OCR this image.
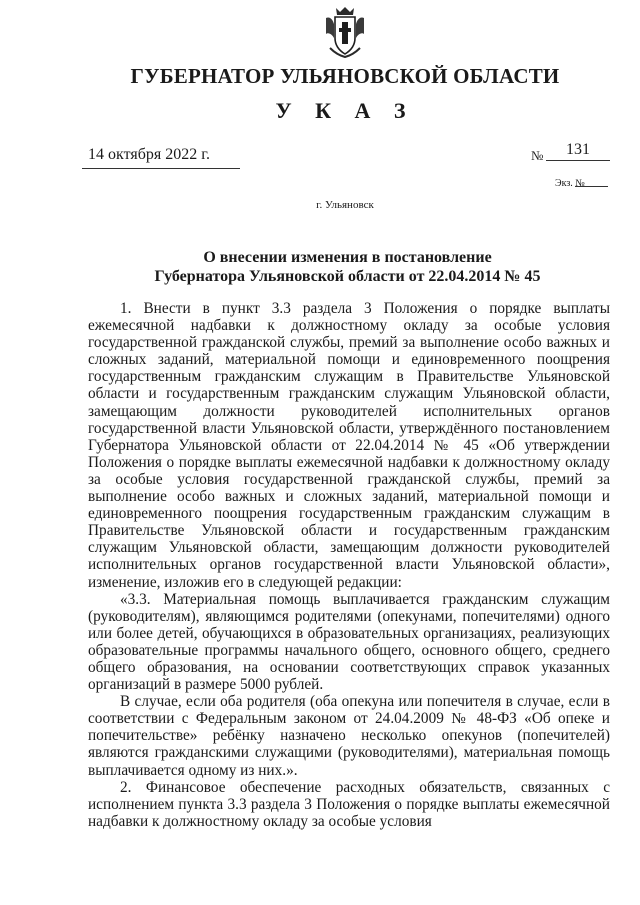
ГУБЕРНАТОР УЛЬЯНОВСКОЙ ОБЛАСТИ
У К А З
14 октября 2022 г.	№ 131
Экз. №
г. Ульяновск
О внесении изменения в постановление
Губернатора Ульяновской области от 22.04.2014 № 45

1. Внести в пункт 3.3 раздела 3 Положения о порядке выплаты ежемесячной надбавки к должностному окладу за особые условия государственной гражданской службы, премий за выполнение особо важных и сложных заданий, материальной помощи и единовременного поощрения государственным гражданским служащим в Правительстве Ульяновской области и государственным гражданским служащим Ульяновской области, замещающим должности руководителей исполнительных органов государственной власти Ульяновской области, утверждённого постановлением Губернатора Ульяновской области от 22.04.2014 № 45 «Об утверждении Положения о порядке выплаты ежемесячной надбавки к должностному окладу за особые условия государственной гражданской службы, премий за выполнение особо важных и сложных заданий, материальной помощи и единовременного поощрения государственным гражданским служащим в Правительстве Ульяновской области и государственным гражданским служащим Ульяновской области, замещающим должности руководителей исполнительных органов государственной власти Ульяновской области», изменение, изложив его в следующей редакции:

«3.3. Материальная помощь выплачивается гражданским служащим (руководителям), являющимся родителями (опекунами, попечителями) одного или более детей, обучающихся в образовательных организациях, реализующих образовательные программы начального общего, основного общего, среднего общего образования, на основании соответствующих справок указанных организаций в размере 5000 рублей.

В случае, если оба родителя (оба опекуна или попечителя в случае, если в соответствии с Федеральным законом от 24.04.2009 № 48-ФЗ «Об опеке и попечительстве» ребёнку назначено несколько опекунов (попечителей) являются гражданскими служащими (руководителями), материальная помощь выплачивается одному из них.».

2. Финансовое обеспечение расходных обязательств, связанных с исполнением пункта 3.3 раздела 3 Положения о порядке выплаты ежемесячной надбавки к должностному окладу за особые условия
